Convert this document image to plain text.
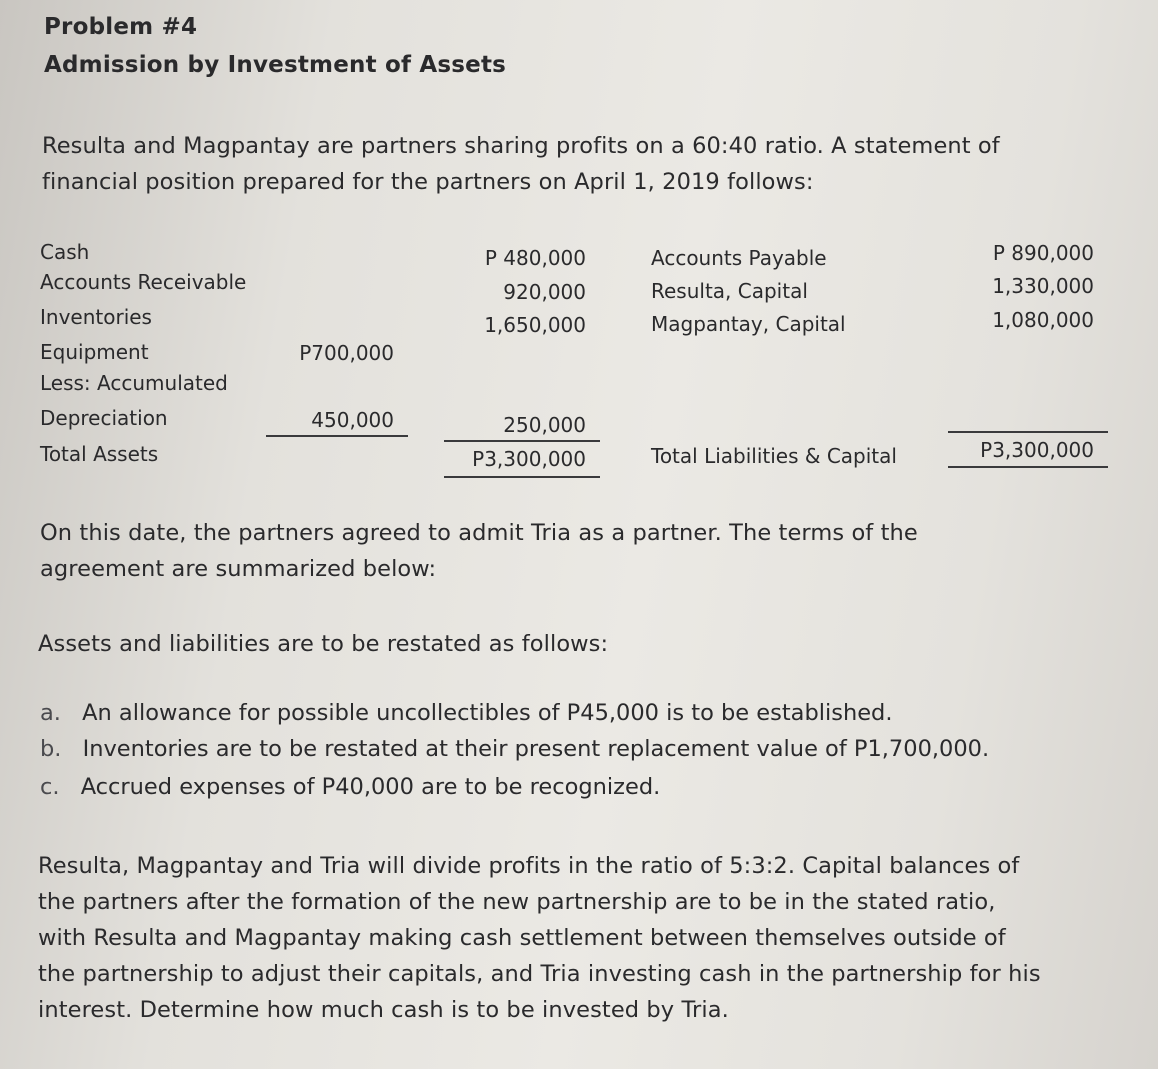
Problem #4
Admission by Investment of Assets
Resulta and Magpantay are partners sharing profits on a 60:40 ratio. A statement of
financial position prepared for the partners on April 1, 2019 follows:
Cash
Accounts Receivable
Inventories
Equipment
Less: Accumulated
Depreciation
Total Assets
P700,000
450,000
P 480,000
920,000
1,650,000
250,000
P3,300,000
Accounts Payable
Resulta, Capital
Magpantay, Capital
Total Liabilities & Capital
P 890,000
1,330,000
1,080,000
P3,300,000
On this date, the partners agreed to admit Tria as a partner. The terms of the
agreement are summarized below:
Assets and liabilities are to be restated as follows:
a. An allowance for possible uncollectibles of P45,000 is to be established.
b. Inventories are to be restated at their present replacement value of P1,700,000.
c. Accrued expenses of P40,000 are to be recognized.
Resulta, Magpantay and Tria will divide profits in the ratio of 5:3:2. Capital balances of
the partners after the formation of the new partnership are to be in the stated ratio,
with Resulta and Magpantay making cash settlement between themselves outside of
the partnership to adjust their capitals, and Tria investing cash in the partnership for his
interest. Determine how much cash is to be invested by Tria.
